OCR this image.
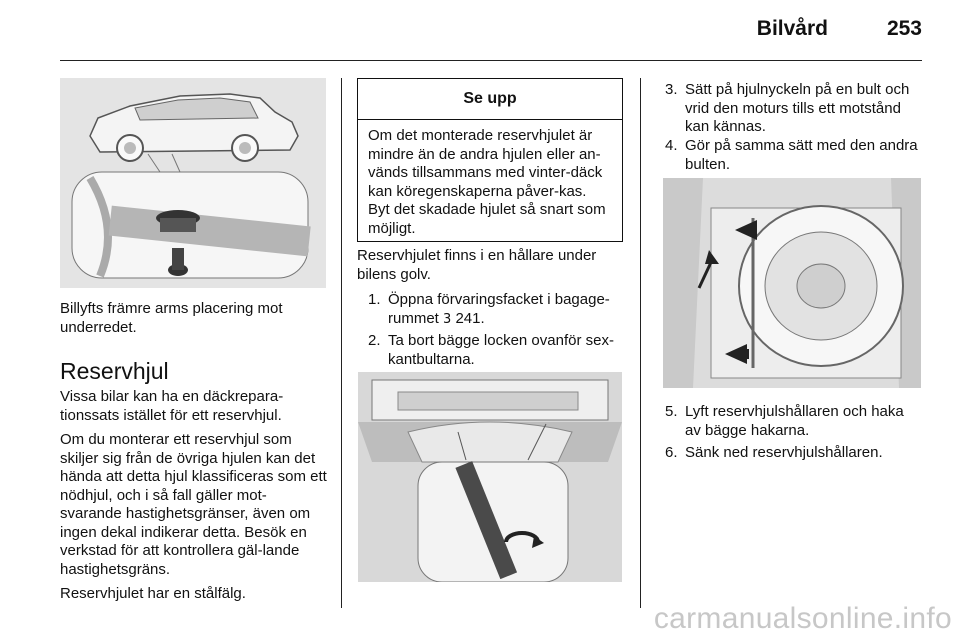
Bilvård	253

Billyfts främre arms placering mot underredet.

Reservhjul

Vissa bilar kan ha en däckrepara-tionssats istället för ett reservhjul.

Om du monterar ett reservhjul som skiljer sig från de övriga hjulen kan det hända att detta hjul klassificeras som ett nödhjul, och i så fall gäller mot-svarande hastighetsgränser, även om ingen dekal indikerar detta. Besök en verkstad för att kontrollera gäl-lande hastighetsgräns.

Reservhjulet har en stålfälg.

Se upp
Om det monterade reservhjulet är mindre än de andra hjulen eller an-vänds tillsammans med vinter-däck kan köregenskaperna påver-kas. Byt det skadade hjulet så snart som möjligt.

Reservhjulet finns i en hållare under bilens golv.

1. Öppna förvaringsfacket i bagage-rummet 3 241.
2. Ta bort bägge locken ovanför sex-kantbultarna.
3. Sätt på hjulnyckeln på en bult och vrid den moturs tills ett motstånd kan kännas.
4. Gör på samma sätt med den andra bulten.
5. Lyft reservhjulshållaren och haka av bägge hakarna.
6. Sänk ned reservhjulshållaren.
carmanualsonline.info
